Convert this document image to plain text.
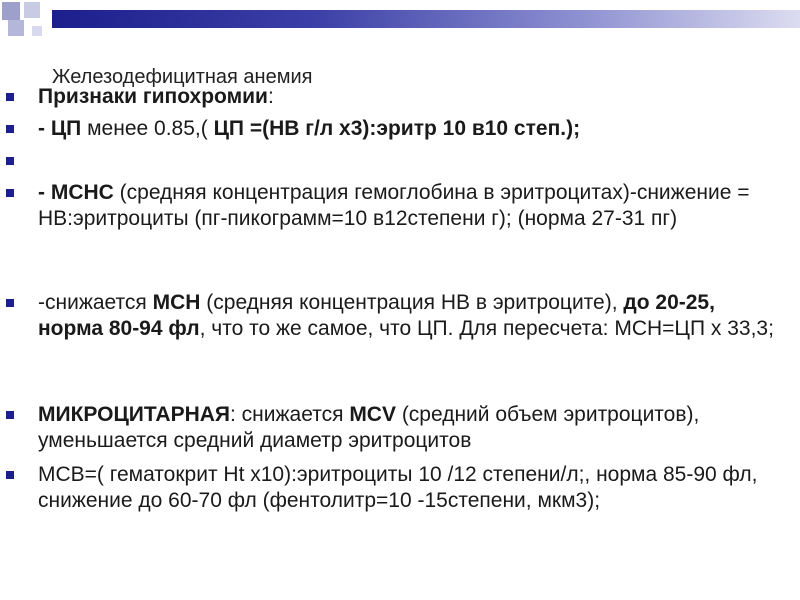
Железодефицитная анемия
Признаки гипохромии:
- ЦП менее 0.85,( ЦП =(НВ г/л х3):эритр 10 в10 степ.);
- МСНС (средняя концентрация гемоглобина в эритроцитах)-снижение = НВ:эритроциты (пг-пикограмм=10 в12степени г); (норма 27-31 пг)
-снижается МСН (средняя концентрация НВ в эритроците), до 20-25, норма 80-94 фл, что то же самое, что ЦП. Для пересчета: МСН=ЦП х 33,3;
МИКРОЦИТАРНАЯ: снижается MCV (средний объем эритроцитов), уменьшается средний диаметр эритроцитов
МСВ=( гематокрит Ht х10):эритроциты 10 /12 степени/л;, норма 85-90 фл, снижение до 60-70 фл (фентолитр=10 -15степени, мкм3);
